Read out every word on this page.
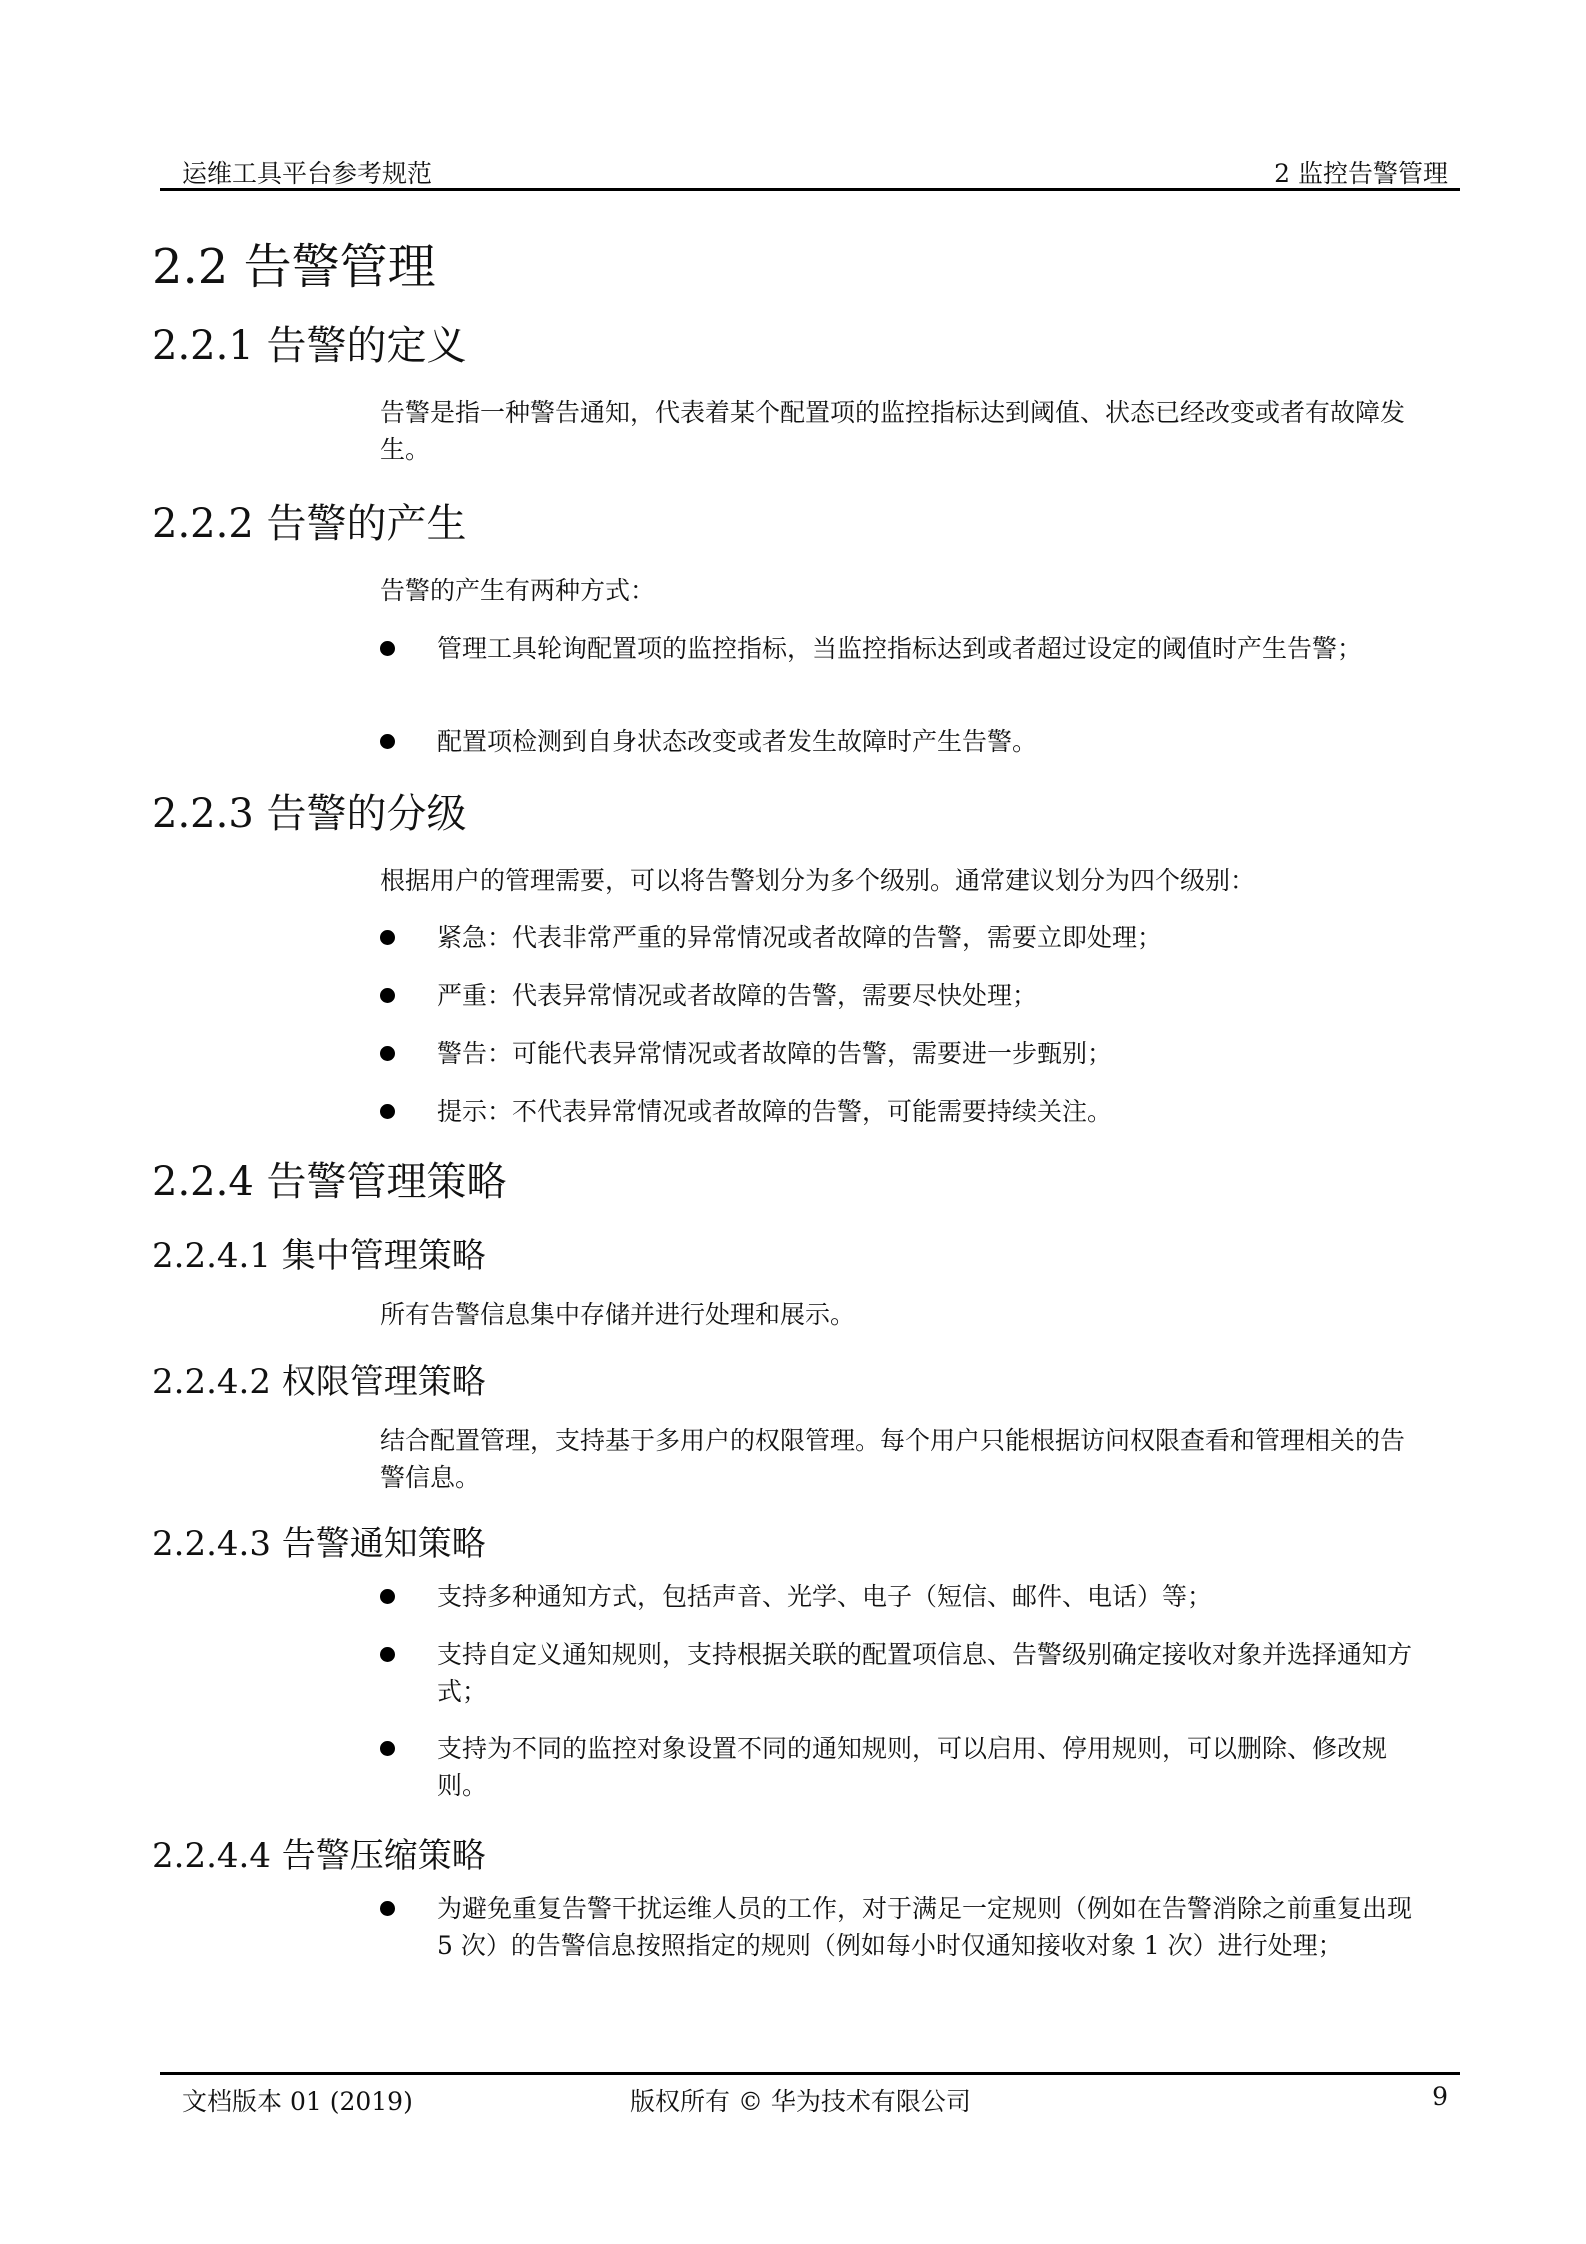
运维工具平台参考规范	2 监控告警管理
2.2 告警管理
2.2.1 告警的定义

告警是指一种警告通知，代表着某个配置项的监控指标达到阈值、状态已经改变或者有故障发生。

2.2.2 告警的产生

告警的产生有两种方式：

管理工具轮询配置项的监控指标，当监控指标达到或者超过设定的阈值时产生告警；
配置项检测到自身状态改变或者发生故障时产生告警。
2.2.3 告警的分级

根据用户的管理需要，可以将告警划分为多个级别。通常建议划分为四个级别：

紧急：代表非常严重的异常情况或者故障的告警，需要立即处理；
严重：代表异常情况或者故障的告警，需要尽快处理；
警告：可能代表异常情况或者故障的告警，需要进一步甄别；
提示：不代表异常情况或者故障的告警，可能需要持续关注。
2.2.4 告警管理策略
2.2.4.1 集中管理策略

所有告警信息集中存储并进行处理和展示。

2.2.4.2 权限管理策略

结合配置管理，支持基于多用户的权限管理。每个用户只能根据访问权限查看和管理相关的告警信息。

2.2.4.3 告警通知策略
支持多种通知方式，包括声音、光学、电子（短信、邮件、电话）等；
支持自定义通知规则，支持根据关联的配置项信息、告警级别确定接收对象并选择通知方式；
支持为不同的监控对象设置不同的通知规则，可以启用、停用规则，可以删除、修改规则。
2.2.4.4 告警压缩策略
为避免重复告警干扰运维人员的工作，对于满足一定规则（例如在告警消除之前重复出现 5 次）的告警信息按照指定的规则（例如每小时仅通知接收对象 1 次）进行处理；
文档版本 01 (2019)	版权所有 © 华为技术有限公司	9
